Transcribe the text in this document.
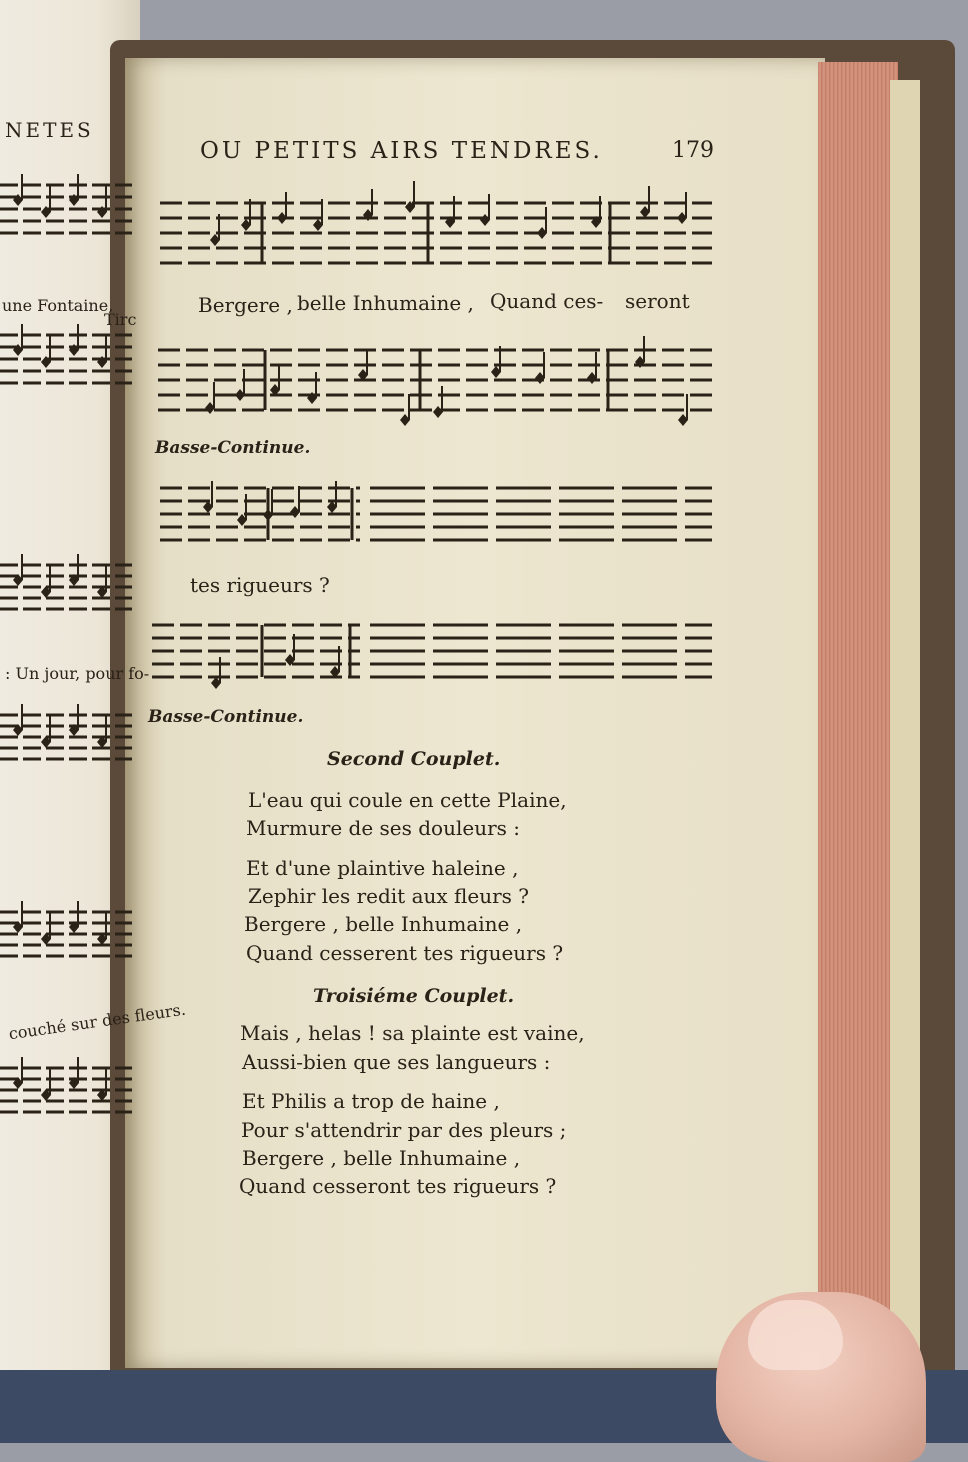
NETES
une Fontaine,
Tirc
: Un jour, pour fo-
couché sur des fleurs.
OU PETITS AIRS TENDRES.	179
Bergere , belle Inhumaine , Quand ces- seront
Basse-Continue.
tes rigueurs ?
Basse-Continue.
Second Couplet.
L'eau qui coule en cette Plaine,
Murmure de ses douleurs :
Et d'une plaintive haleine ,
Zephir les redit aux fleurs ?
Bergere , belle Inhumaine ,
Quand cesserent tes rigueurs ?
Troisiéme Couplet.
Mais , helas ! sa plainte est vaine,
Aussi-bien que ses langueurs :
Et Philis a trop de haine ,
Pour s'attendrir par des pleurs ;
Bergere , belle Inhumaine ,
Quand cesseront tes rigueurs ?
